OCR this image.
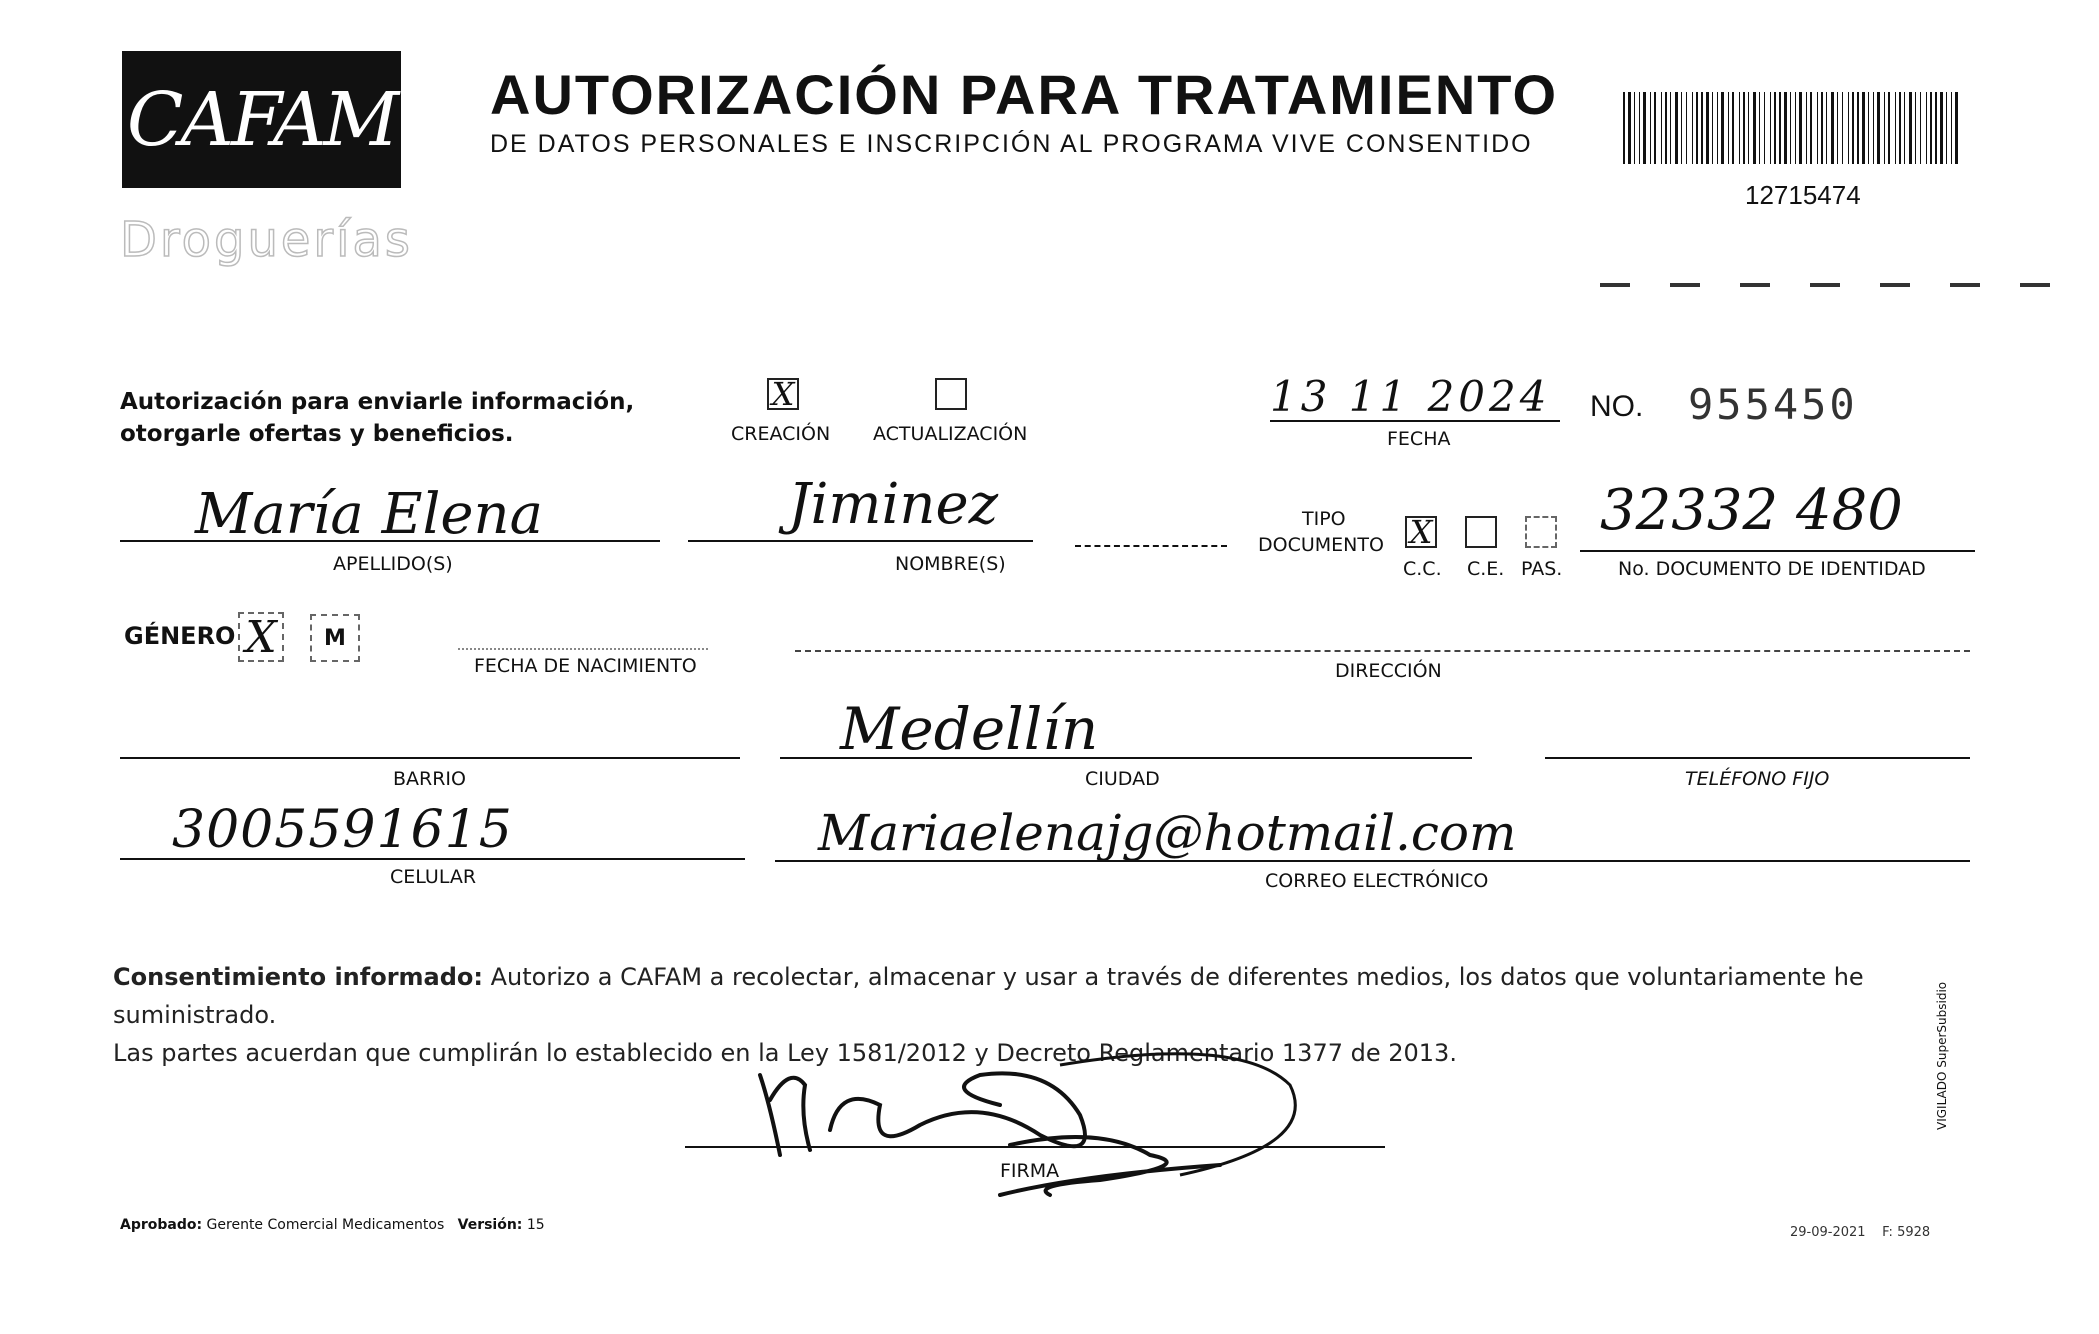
CAFAM
Droguerías
AUTORIZACIÓN PARA TRATAMIENTO
DE DATOS PERSONALES E INSCRIPCIÓN AL PROGRAMA VIVE CONSENTIDO
12715474
Autorización para enviarle información,
otorgarle ofertas y beneficios.
X
CREACIÓN ACTUALIZACIÓN
13 11 2024
FECHA
NO. 955450
María Elena
APELLIDO(S)
Jiminez
NOMBRE(S)
TIPO
DOCUMENTO X
C.C. C.E. PAS.
32332 480
No. DOCUMENTO DE IDENTIDAD
GÉNERO X M
FECHA DE NACIMIENTO	DIRECCIÓN
BARRIO
Medellín
CIUDAD	TELÉFONO FIJO
3005591615
CELULAR
Mariaelenajg@hotmail.com
CORREO ELECTRÓNICO
Consentimiento informado: Autorizo a CAFAM a recolectar, almacenar y usar a través de diferentes medios, los datos que voluntariamente he suministrado.
Las partes acuerdan que cumplirán lo establecido en la Ley 1581/2012 y Decreto Reglamentario 1377 de 2013.
FIRMA
Aprobado: Gerente Comercial Medicamentos Versión: 15	29-09-2021 F: 5928
VIGILADO SuperSubsidio
